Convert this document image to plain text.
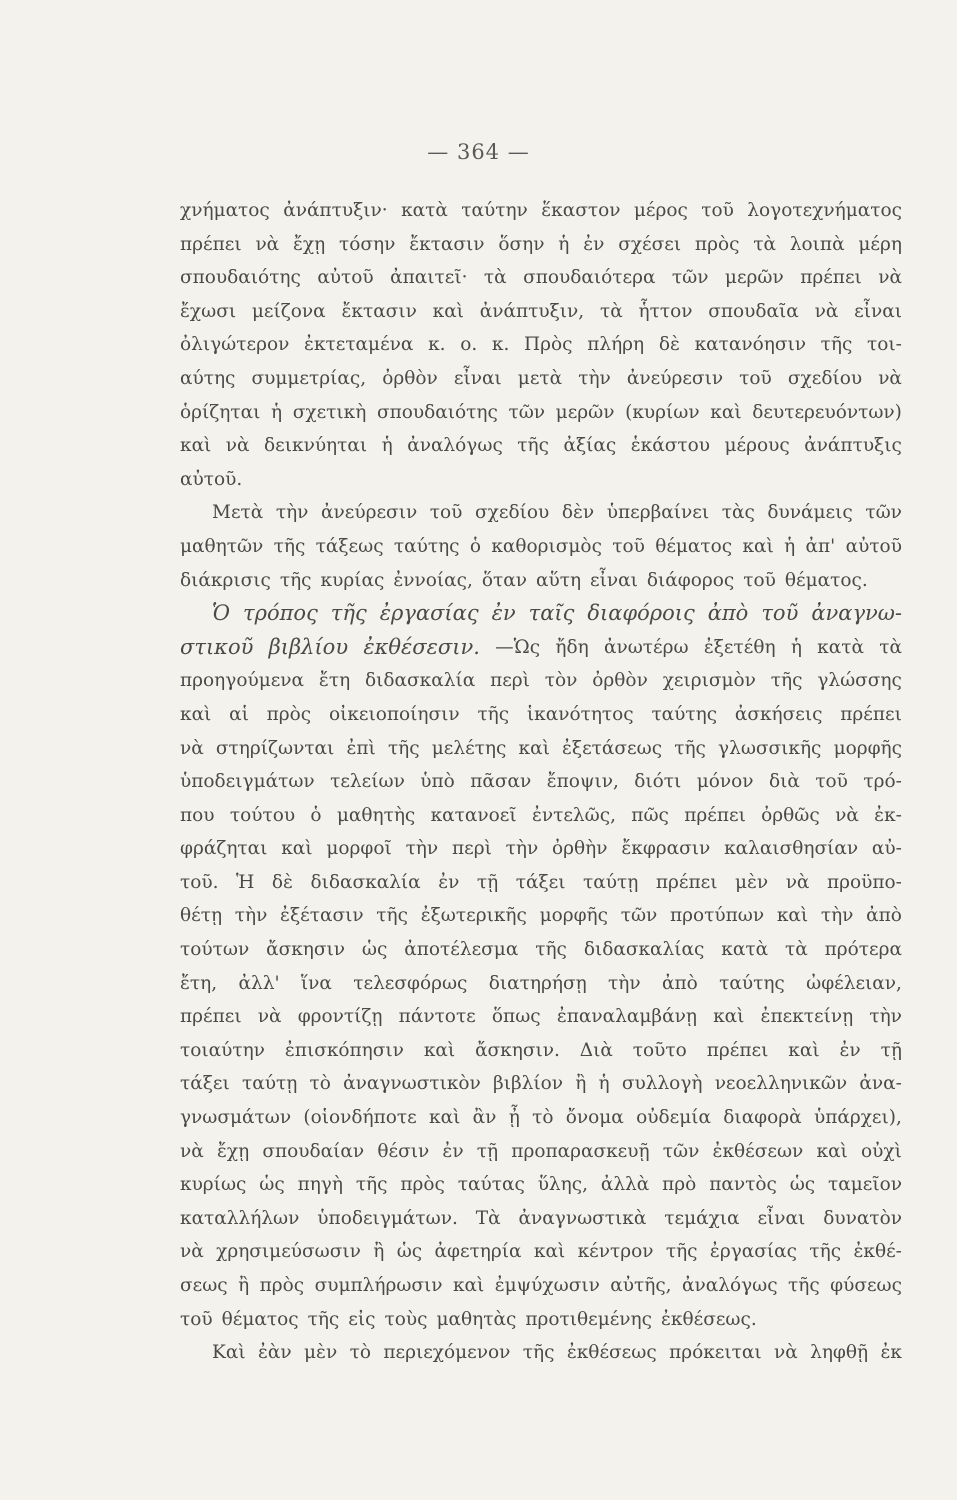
— 364 —
χνήματος ἀνάπτυξιν· κατὰ ταύτην ἕκαστον μέρος τοῦ λογοτεχνήματος
πρέπει νὰ ἔχῃ τόσην ἔκτασιν ὅσην ἡ ἐν σχέσει πρὸς τὰ λοιπὰ μέρη
σπουδαιότης αὐτοῦ ἀπαιτεῖ· τὰ σπουδαιότερα τῶν μερῶν πρέπει νὰ
ἔχωσι μείζονα ἔκτασιν καὶ ἀνάπτυξιν, τὰ ἧττον σπουδαῖα νὰ εἶναι
ὀλιγώτερον ἐκτεταμένα κ. ο. κ. Πρὸς πλήρη δὲ κατανόησιν τῆς τοι-
αύτης συμμετρίας, ὀρθὸν εἶναι μετὰ τὴν ἀνεύρεσιν τοῦ σχεδίου νὰ
ὁρίζηται ἡ σχετικὴ σπουδαιότης τῶν μερῶν (κυρίων καὶ δευτερευόντων)
καὶ νὰ δεικνύηται ἡ ἀναλόγως τῆς ἀξίας ἑκάστου μέρους ἀνάπτυξις
αὐτοῦ.
Μετὰ τὴν ἀνεύρεσιν τοῦ σχεδίου δὲν ὑπερβαίνει τὰς δυνάμεις τῶν
μαθητῶν τῆς τάξεως ταύτης ὁ καθορισμὸς τοῦ θέματος καὶ ἡ ἀπ' αὐτοῦ
διάκρισις τῆς κυρίας ἐννοίας, ὅταν αὕτη εἶναι διάφορος τοῦ θέματος.
Ὁ τρόπος τῆς ἐργασίας ἐν ταῖς διαφόροις ἀπὸ τοῦ ἀναγνω-
στικοῦ βιβλίου ἐκθέσεσιν. —Ὡς ἤδη ἀνωτέρω ἐξετέθη ἡ κατὰ τὰ
προηγούμενα ἔτη διδασκαλία περὶ τὸν ὀρθὸν χειρισμὸν τῆς γλώσσης
καὶ αἱ πρὸς οἰκειοποίησιν τῆς ἱκανότητος ταύτης ἀσκήσεις πρέπει
νὰ στηρίζωνται ἐπὶ τῆς μελέτης καὶ ἐξετάσεως τῆς γλωσσικῆς μορφῆς
ὑποδειγμάτων τελείων ὑπὸ πᾶσαν ἔποψιν, διότι μόνον διὰ τοῦ τρό-
που τούτου ὁ μαθητὴς κατανοεῖ ἐντελῶς, πῶς πρέπει ὀρθῶς νὰ ἐκ-
φράζηται καὶ μορφοῖ τὴν περὶ τὴν ὀρθὴν ἔκφρασιν καλαισθησίαν αὐ-
τοῦ. Ἡ δὲ διδασκαλία ἐν τῇ τάξει ταύτῃ πρέπει μὲν νὰ προϋπο-
θέτῃ τὴν ἐξέτασιν τῆς ἐξωτερικῆς μορφῆς τῶν προτύπων καὶ τὴν ἀπὸ
τούτων ἄσκησιν ὡς ἀποτέλεσμα τῆς διδασκαλίας κατὰ τὰ πρότερα
ἔτη, ἀλλ' ἵνα τελεσφόρως διατηρήσῃ τὴν ἀπὸ ταύτης ὠφέλειαν,
πρέπει νὰ φροντίζῃ πάντοτε ὅπως ἐπαναλαμβάνῃ καὶ ἐπεκτείνῃ τὴν
τοιαύτην ἐπισκόπησιν καὶ ἄσκησιν. Διὰ τοῦτο πρέπει καὶ ἐν τῇ
τάξει ταύτῃ τὸ ἀναγνωστικὸν βιβλίον ἢ ἡ συλλογὴ νεοελληνικῶν ἀνα-
γνωσμάτων (οἱονδήποτε καὶ ἂν ᾖ τὸ ὄνομα οὐδεμία διαφορὰ ὑπάρχει),
νὰ ἔχῃ σπουδαίαν θέσιν ἐν τῇ προπαρασκευῇ τῶν ἐκθέσεων καὶ οὐχὶ
κυρίως ὡς πηγὴ τῆς πρὸς ταύτας ὕλης, ἀλλὰ πρὸ παντὸς ὡς ταμεῖον
καταλλήλων ὑποδειγμάτων. Τὰ ἀναγνωστικὰ τεμάχια εἶναι δυνατὸν
νὰ χρησιμεύσωσιν ἢ ὡς ἀφετηρία καὶ κέντρον τῆς ἐργασίας τῆς ἐκθέ-
σεως ἢ πρὸς συμπλήρωσιν καὶ ἐμψύχωσιν αὐτῆς, ἀναλόγως τῆς φύσεως
τοῦ θέματος τῆς εἰς τοὺς μαθητὰς προτιθεμένης ἐκθέσεως.
Καὶ ἐὰν μὲν τὸ περιεχόμενον τῆς ἐκθέσεως πρόκειται νὰ ληφθῇ ἐκ
